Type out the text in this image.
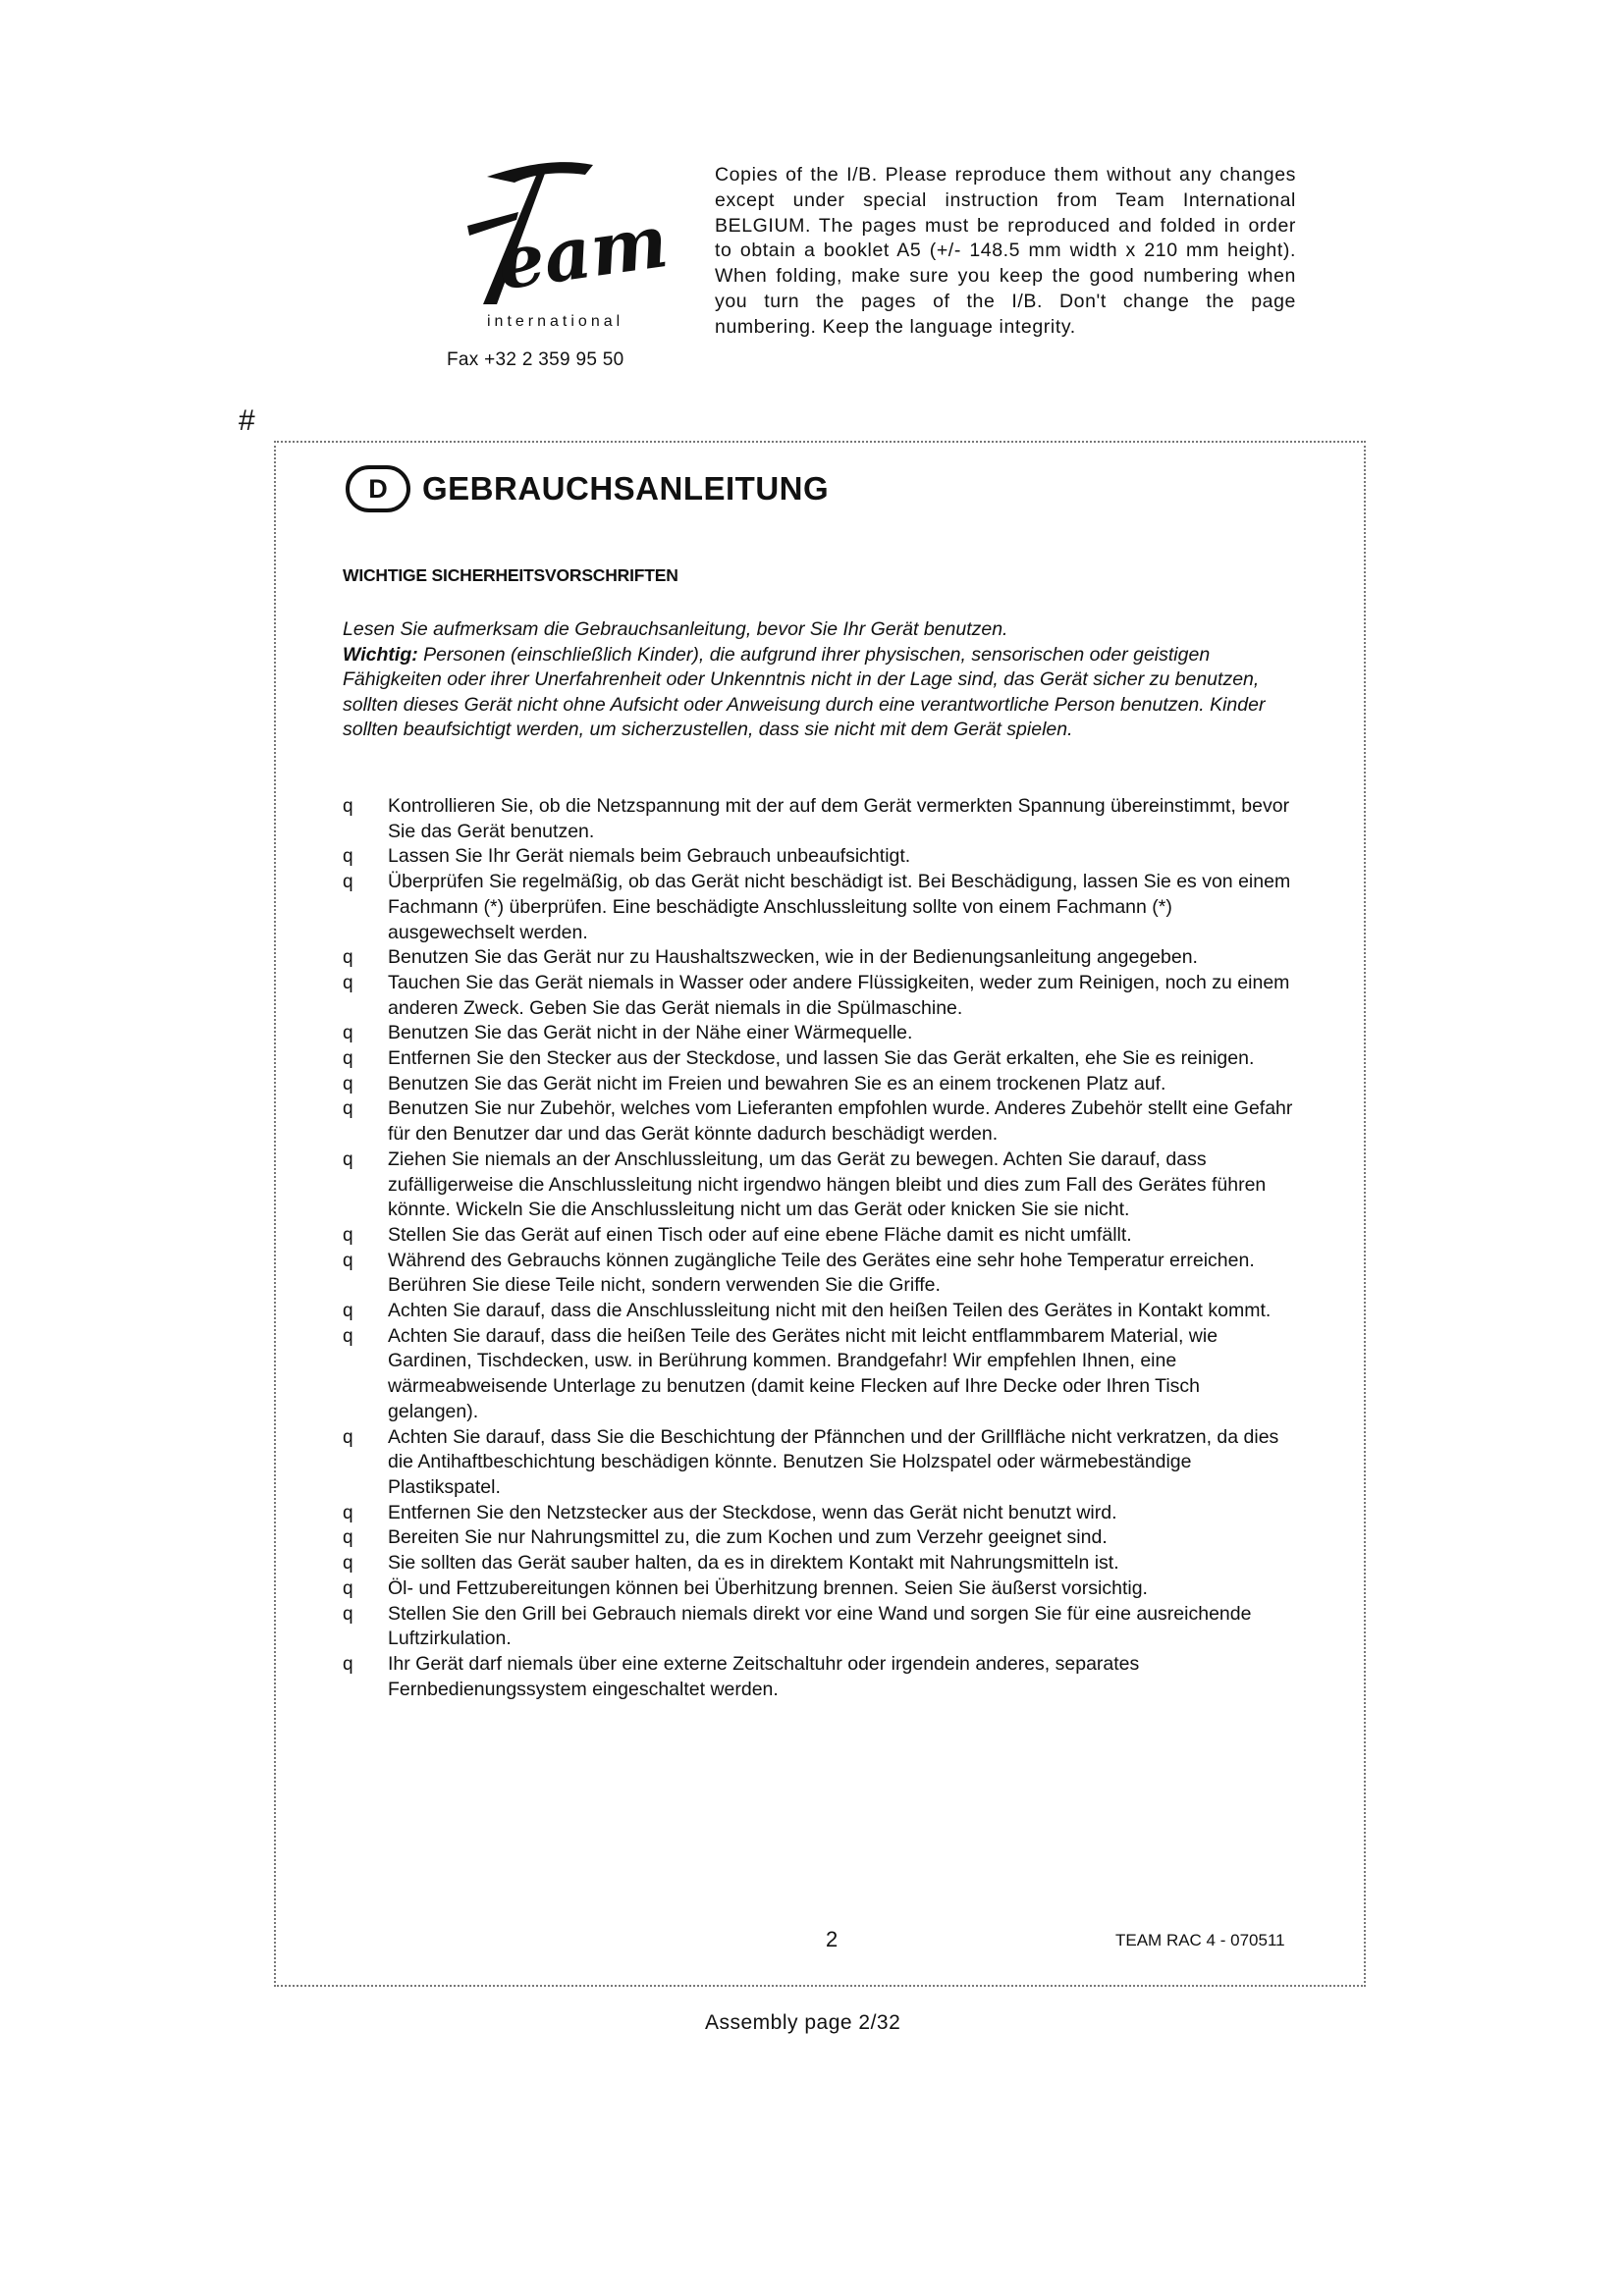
eam
international
Fax +32 2 359 95 50
Copies of the I/B. Please reproduce them without any changes except under special instruction from Team International BELGIUM. The pages must be reproduced and folded in order to obtain a booklet A5 (+/- 148.5 mm width x 210 mm height). When folding, make sure you keep the good numbering when you turn the pages of the I/B. Don't change the page numbering. Keep the language integrity.
#
D	GEBRAUCHSANLEITUNG
WICHTIGE SICHERHEITSVORSCHRIFTEN

Lesen Sie aufmerksam die Gebrauchsanleitung, bevor Sie Ihr Gerät benutzen.

Wichtig: Personen (einschließlich Kinder), die aufgrund ihrer physischen, sensorischen oder geistigen Fähigkeiten oder ihrer Unerfahrenheit oder Unkenntnis nicht in der Lage sind, das Gerät sicher zu benutzen, sollten dieses Gerät nicht ohne Aufsicht oder Anweisung durch eine verantwortliche Person benutzen. Kinder sollten beaufsichtigt werden, um sicherzustellen, dass sie nicht mit dem Gerät spielen.

q	Kontrollieren Sie, ob die Netzspannung mit der auf dem Gerät vermerkten Spannung übereinstimmt, bevor Sie das Gerät benutzen.
q	Lassen Sie Ihr Gerät niemals beim Gebrauch unbeaufsichtigt.
q	Überprüfen Sie regelmäßig, ob das Gerät nicht beschädigt ist. Bei Beschädigung, lassen Sie es von einem Fachmann (*) überprüfen. Eine beschädigte Anschlussleitung sollte von einem Fachmann (*) ausgewechselt werden.
q	Benutzen Sie das Gerät nur zu Haushaltszwecken, wie in der Bedienungsanleitung angegeben.
q	Tauchen Sie das Gerät niemals in Wasser oder andere Flüssigkeiten, weder zum Reinigen, noch zu einem anderen Zweck. Geben Sie das Gerät niemals in die Spülmaschine.
q	Benutzen Sie das Gerät nicht in der Nähe einer Wärmequelle.
q	Entfernen Sie den Stecker aus der Steckdose, und lassen Sie das Gerät erkalten, ehe Sie es reinigen.
q	Benutzen Sie das Gerät nicht im Freien und bewahren Sie es an einem trockenen Platz auf.
q	Benutzen Sie nur Zubehör, welches vom Lieferanten empfohlen wurde. Anderes Zubehör stellt eine Gefahr für den Benutzer dar und das Gerät könnte dadurch beschädigt werden.
q	Ziehen Sie niemals an der Anschlussleitung, um das Gerät zu bewegen. Achten Sie darauf, dass zufälligerweise die Anschlussleitung nicht irgendwo hängen bleibt und dies zum Fall des Gerätes führen könnte. Wickeln Sie die Anschlussleitung nicht um das Gerät oder knicken Sie sie nicht.
q	Stellen Sie das Gerät auf einen Tisch oder auf eine ebene Fläche damit es nicht umfällt.
q	Während des Gebrauchs können zugängliche Teile des Gerätes eine sehr hohe Temperatur erreichen. Berühren Sie diese Teile nicht, sondern verwenden Sie die Griffe.
q	Achten Sie darauf, dass die Anschlussleitung nicht mit den heißen Teilen des Gerätes in Kontakt kommt.
q	Achten Sie darauf, dass die heißen Teile des Gerätes nicht mit leicht entflammbarem Material, wie Gardinen, Tischdecken, usw. in Berührung kommen. Brandgefahr! Wir empfehlen Ihnen, eine wärmeabweisende Unterlage zu benutzen (damit keine Flecken auf Ihre Decke oder Ihren Tisch gelangen).
q	Achten Sie darauf, dass Sie die Beschichtung der Pfännchen und der Grillfläche nicht verkratzen, da dies die Antihaftbeschichtung beschädigen könnte. Benutzen Sie Holzspatel oder wärmebeständige Plastikspatel.
q	Entfernen Sie den Netzstecker aus der Steckdose, wenn das Gerät nicht benutzt wird.
q	Bereiten Sie nur Nahrungsmittel zu, die zum Kochen und zum Verzehr geeignet sind.
q	Sie sollten das Gerät sauber halten, da es in direktem Kontakt mit Nahrungsmitteln ist.
q	Öl- und Fettzubereitungen können bei Überhitzung brennen. Seien Sie äußerst vorsichtig.
q	Stellen Sie den Grill bei Gebrauch niemals direkt vor eine Wand und sorgen Sie für eine ausreichende Luftzirkulation.
q	Ihr Gerät darf niemals über eine externe Zeitschaltuhr oder irgendein anderes, separates Fernbedienungssystem eingeschaltet werden.
2	TEAM RAC 4 - 070511
Assembly page 2/32
